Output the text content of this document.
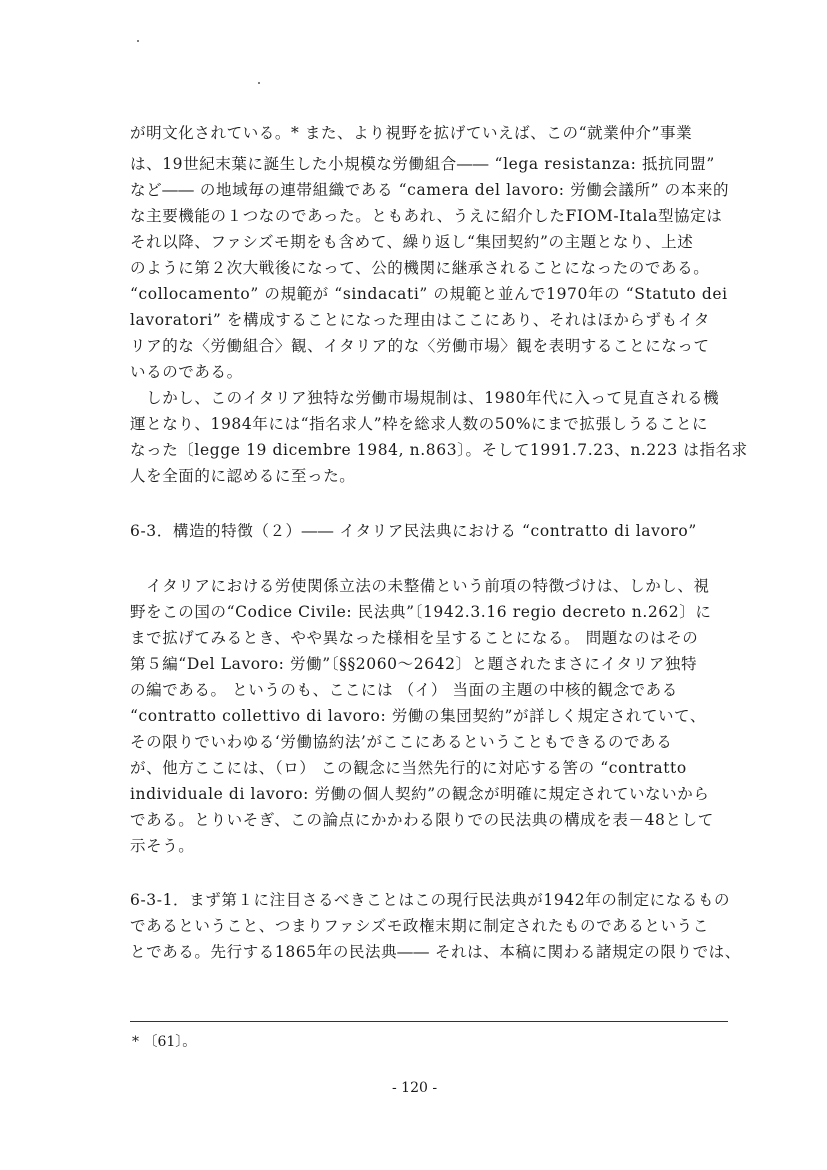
が明文化されている。* また、より視野を拡げていえば、この“就業仲介”事業
は、19世紀末葉に誕生した小規模な労働組合―― “lega resistanza: 抵抗同盟”
など―― の地域毎の連帯組織である “camera del lavoro: 労働会議所” の本来的
な主要機能の１つなのであった。ともあれ、うえに紹介したFIOM-Itala型協定は
それ以降、ファシズモ期をも含めて、繰り返し“集団契約”の主題となり、上述
のように第２次大戦後になって、公的機関に継承されることになったのである。
“collocamento” の規範が “sindacati” の規範と並んで1970年の “Statuto dei
lavoratori” を構成することになった理由はここにあり、それはほからずもイタ
リア的な〈労働組合〉観、イタリア的な〈労働市場〉観を表明することになって
いるのである。
　しかし、このイタリア独特な労働市場規制は、1980年代に入って見直される機
運となり、1984年には“指名求人”枠を総求人数の50%にまで拡張しうることに
なった〔legge 19 dicembre 1984, n.863〕。そして1991.7.23、n.223 は指名求
人を全面的に認めるに至った。
6-3．構造的特徴（２）―― イタリア民法典における “contratto di lavoro”
　イタリアにおける労使関係立法の未整備という前項の特徴づけは、しかし、視
野をこの国の“Codice Civile: 民法典”〔1942.3.16 regio decreto n.262〕に
まで拡げてみるとき、やや異なった様相を呈することになる。 問題なのはその
第５編“Del Lavoro: 労働”〔§§2060～2642〕と題されたまさにイタリア独特
の編である。 というのも、ここには （イ） 当面の主題の中核的観念である
“contratto collettivo di lavoro: 労働の集団契約”が詳しく規定されていて、
その限りでいわゆる‘労働協約法’がここにあるということもできるのである
が、他方ここには、（ロ） この観念に当然先行的に対応する筈の “contratto
individuale di lavoro: 労働の個人契約”の観念が明確に規定されていないから
である。とりいそぎ、この論点にかかわる限りでの民法典の構成を表－48として
示そう。
6-3-1．まず第１に注目さるべきことはこの現行民法典が1942年の制定になるもの
であるということ、つまりファシズモ政権末期に制定されたものであるというこ
とである。先行する1865年の民法典―― それは、本稿に関わる諸規定の限りでは、
* 〔61〕。
- 120 -
